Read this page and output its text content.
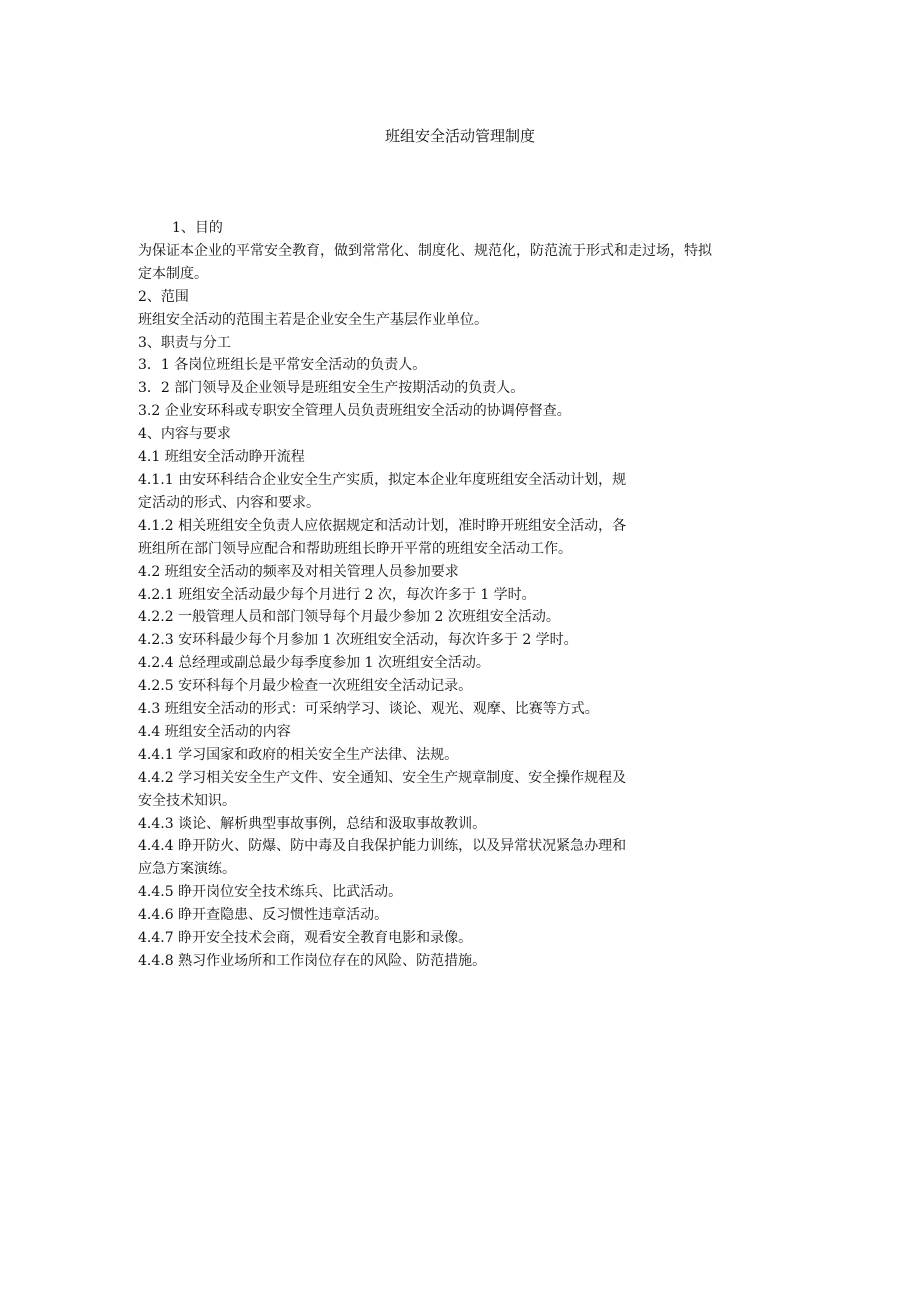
班组安全活动管理制度
1、目的
为保证本企业的平常安全教育，做到常常化、制度化、规范化，防范流于形式和走过场，特拟
定本制度。
2、范围
班组安全活动的范围主若是企业安全生产基层作业单位。
3、职责与分工
3．1 各岗位班组长是平常安全活动的负责人。
3．2 部门领导及企业领导是班组安全生产按期活动的负责人。
3.2 企业安环科或专职安全管理人员负责班组安全活动的协调停督查。
4、内容与要求
4.1 班组安全活动睁开流程
4.1.1 由安环科结合企业安全生产实质，拟定本企业年度班组安全活动计划，规
定活动的形式、内容和要求。
4.1.2 相关班组安全负责人应依据规定和活动计划，准时睁开班组安全活动，各
班组所在部门领导应配合和帮助班组长睁开平常的班组安全活动工作。
4.2 班组安全活动的频率及对相关管理人员参加要求
4.2.1 班组安全活动最少每个月进行 2 次，每次许多于 1 学时。
4.2.2 一般管理人员和部门领导每个月最少参加 2 次班组安全活动。
4.2.3 安环科最少每个月参加 1 次班组安全活动，每次许多于 2 学时。
4.2.4 总经理或副总最少每季度参加 1 次班组安全活动。
4.2.5 安环科每个月最少检查一次班组安全活动记录。
4.3 班组安全活动的形式：可采纳学习、谈论、观光、观摩、比赛等方式。
4.4 班组安全活动的内容
4.4.1 学习国家和政府的相关安全生产法律、法规。
4.4.2 学习相关安全生产文件、安全通知、安全生产规章制度、安全操作规程及
安全技术知识。
4.4.3 谈论、解析典型事故事例，总结和汲取事故教训。
4.4.4 睁开防火、防爆、防中毒及自我保护能力训练，以及异常状况紧急办理和
应急方案演练。
4.4.5 睁开岗位安全技术练兵、比武活动。
4.4.6 睁开查隐患、反习惯性违章活动。
4.4.7 睁开安全技术会商，观看安全教育电影和录像。
4.4.8 熟习作业场所和工作岗位存在的风险、防范措施。
